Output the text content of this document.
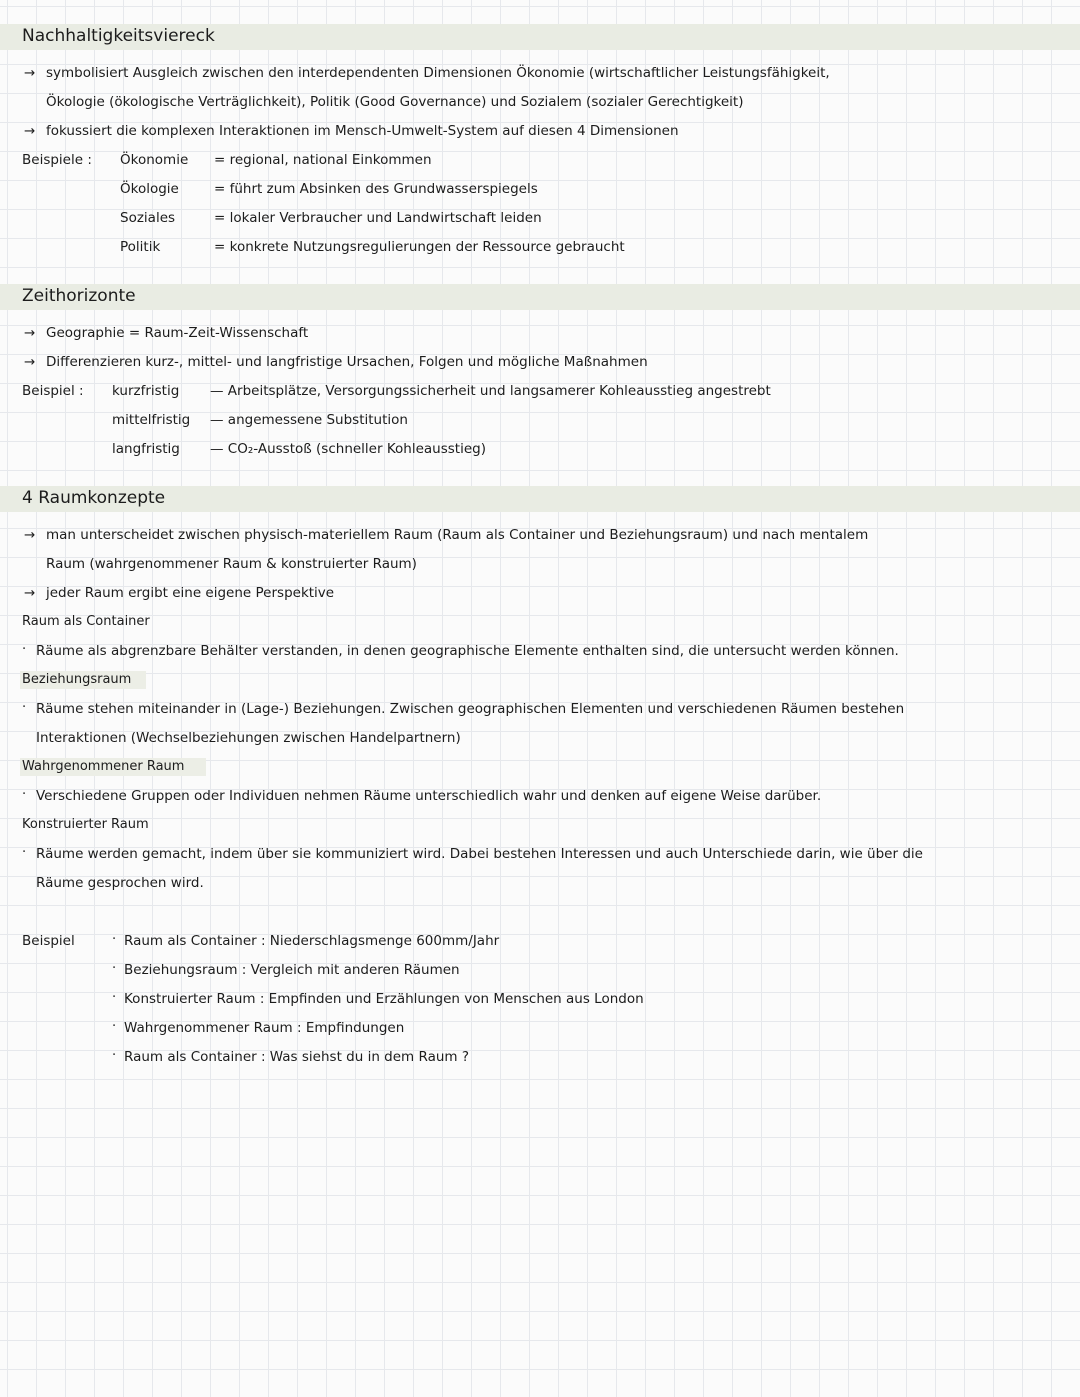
Nachhaltigkeitsviereck
→ symbolisiert Ausgleich zwischen den interdependenten Dimensionen Ökonomie (wirtschaftlicher Leistungsfähigkeit,
Ökologie (ökologische Verträglichkeit), Politik (Good Governance) und Sozialem (sozialer Gerechtigkeit)
→ fokussiert die komplexen Interaktionen im Mensch-Umwelt-System auf diesen 4 Dimensionen
Beispiele : Ökonomie = regional, national Einkommen
Ökologie	= führt zum Absinken des Grundwasserspiegels
Soziales	= lokaler Verbraucher und Landwirtschaft leiden
Politik	= konkrete Nutzungsregulierungen der Ressource gebraucht
Zeithorizonte
→ Geographie = Raum-Zeit-Wissenschaft
→ Differenzieren kurz-, mittel- und langfristige Ursachen, Folgen und mögliche Maßnahmen
Beispiel : kurzfristig — Arbeitsplätze, Versorgungssicherheit und langsamerer Kohleausstieg angestrebt
mittelfristig — angemessene Substitution
langfristig — CO₂-Ausstoß (schneller Kohleausstieg)
4 Raumkonzepte
→ man unterscheidet zwischen physisch-materiellem Raum (Raum als Container und Beziehungsraum) und nach mentalem
Raum (wahrgenommener Raum & konstruierter Raum)
→ jeder Raum ergibt eine eigene Perspektive
Raum als Container
· Räume als abgrenzbare Behälter verstanden, in denen geographische Elemente enthalten sind, die untersucht werden können.
Beziehungsraum
· Räume stehen miteinander in (Lage-) Beziehungen. Zwischen geographischen Elementen und verschiedenen Räumen bestehen
Interaktionen (Wechselbeziehungen zwischen Handelpartnern)
Wahrgenommener Raum
· Verschiedene Gruppen oder Individuen nehmen Räume unterschiedlich wahr und denken auf eigene Weise darüber.
Konstruierter Raum
· Räume werden gemacht, indem über sie kommuniziert wird. Dabei bestehen Interessen und auch Unterschiede darin, wie über die
Räume gesprochen wird.
Beispiel	· Raum als Container : Niederschlagsmenge 600mm/Jahr
· Beziehungsraum : Vergleich mit anderen Räumen
· Konstruierter Raum : Empfinden und Erzählungen von Menschen aus London
· Wahrgenommener Raum : Empfindungen
· Raum als Container : Was siehst du in dem Raum ?
